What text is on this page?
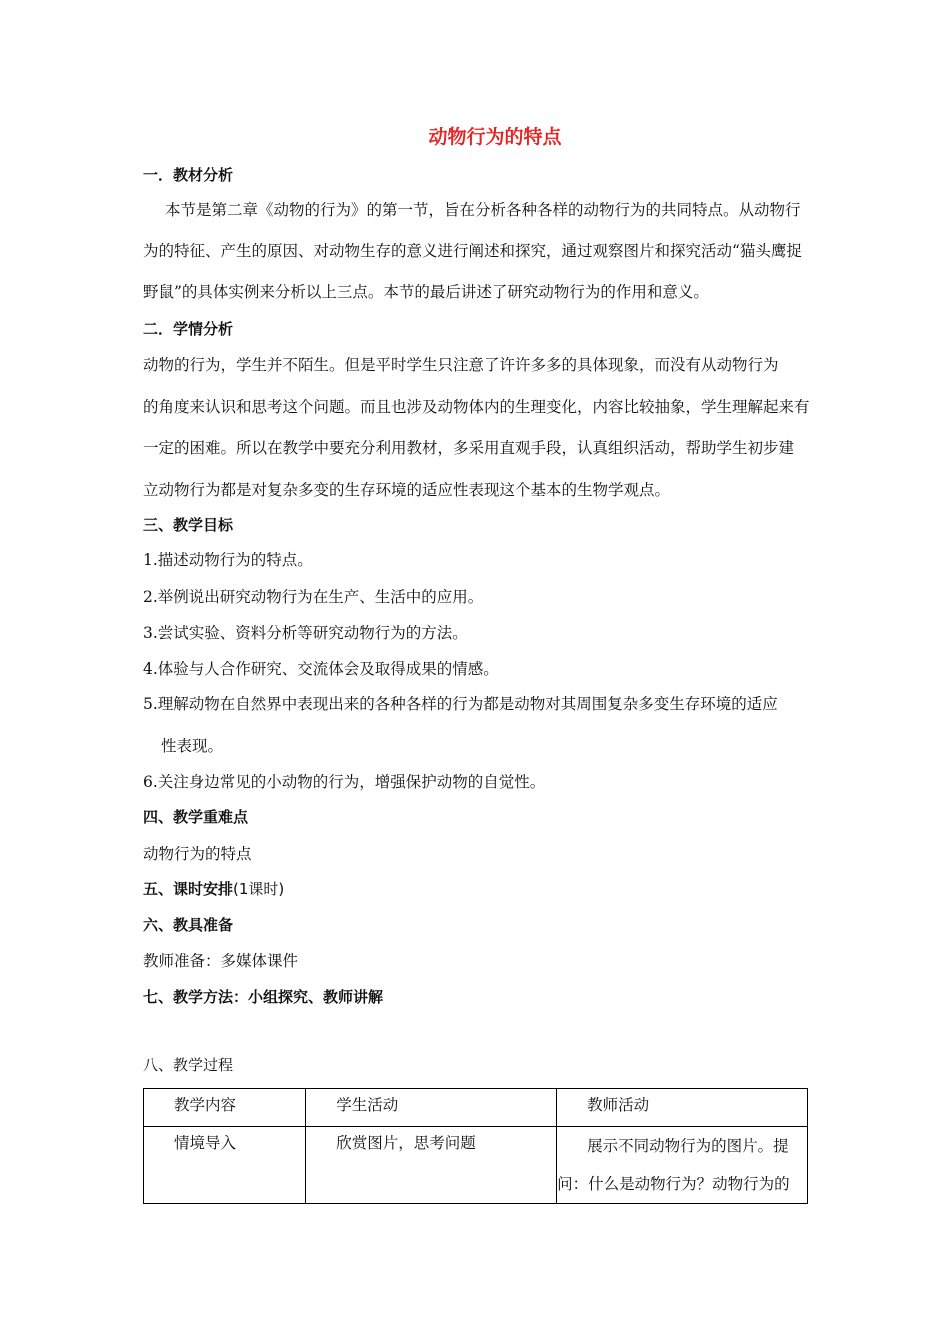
动物行为的特点
一．教材分析
本节是第二章《动物的行为》的第一节，旨在分析各种各样的动物行为的共同特点。从动物行
为的特征、产生的原因、对动物生存的意义进行阐述和探究，通过观察图片和探究活动“猫头鹰捉
野鼠”的具体实例来分析以上三点。本节的最后讲述了研究动物行为的作用和意义。
二．学情分析
动物的行为，学生并不陌生。但是平时学生只注意了许许多多的具体现象，而没有从动物行为
的角度来认识和思考这个问题。而且也涉及动物体内的生理变化，内容比较抽象，学生理解起来有
一定的困难。所以在教学中要充分利用教材，多采用直观手段，认真组织活动，帮助学生初步建
立动物行为都是对复杂多变的生存环境的适应性表现这个基本的生物学观点。
三、教学目标
1.描述动物行为的特点。
2.举例说出研究动物行为在生产、生活中的应用。
3.尝试实验、资料分析等研究动物行为的方法。
4.体验与人合作研究、交流体会及取得成果的情感。
5.理解动物在自然界中表现出来的各种各样的行为都是动物对其周围复杂多变生存环境的适应
性表现。
6.关注身边常见的小动物的行为，增强保护动物的自觉性。
四、教学重难点
动物行为的特点
五、课时安排(1课时)
六、教具准备
教师准备：多媒体课件
七、教学方法：小组探究、教师讲解
八、教学过程
教学内容	学生活动	教师活动

情境导入	欣赏图片，思考问题	展示不同动物行为的图片。提
问：什么是动物行为？动物行为的
